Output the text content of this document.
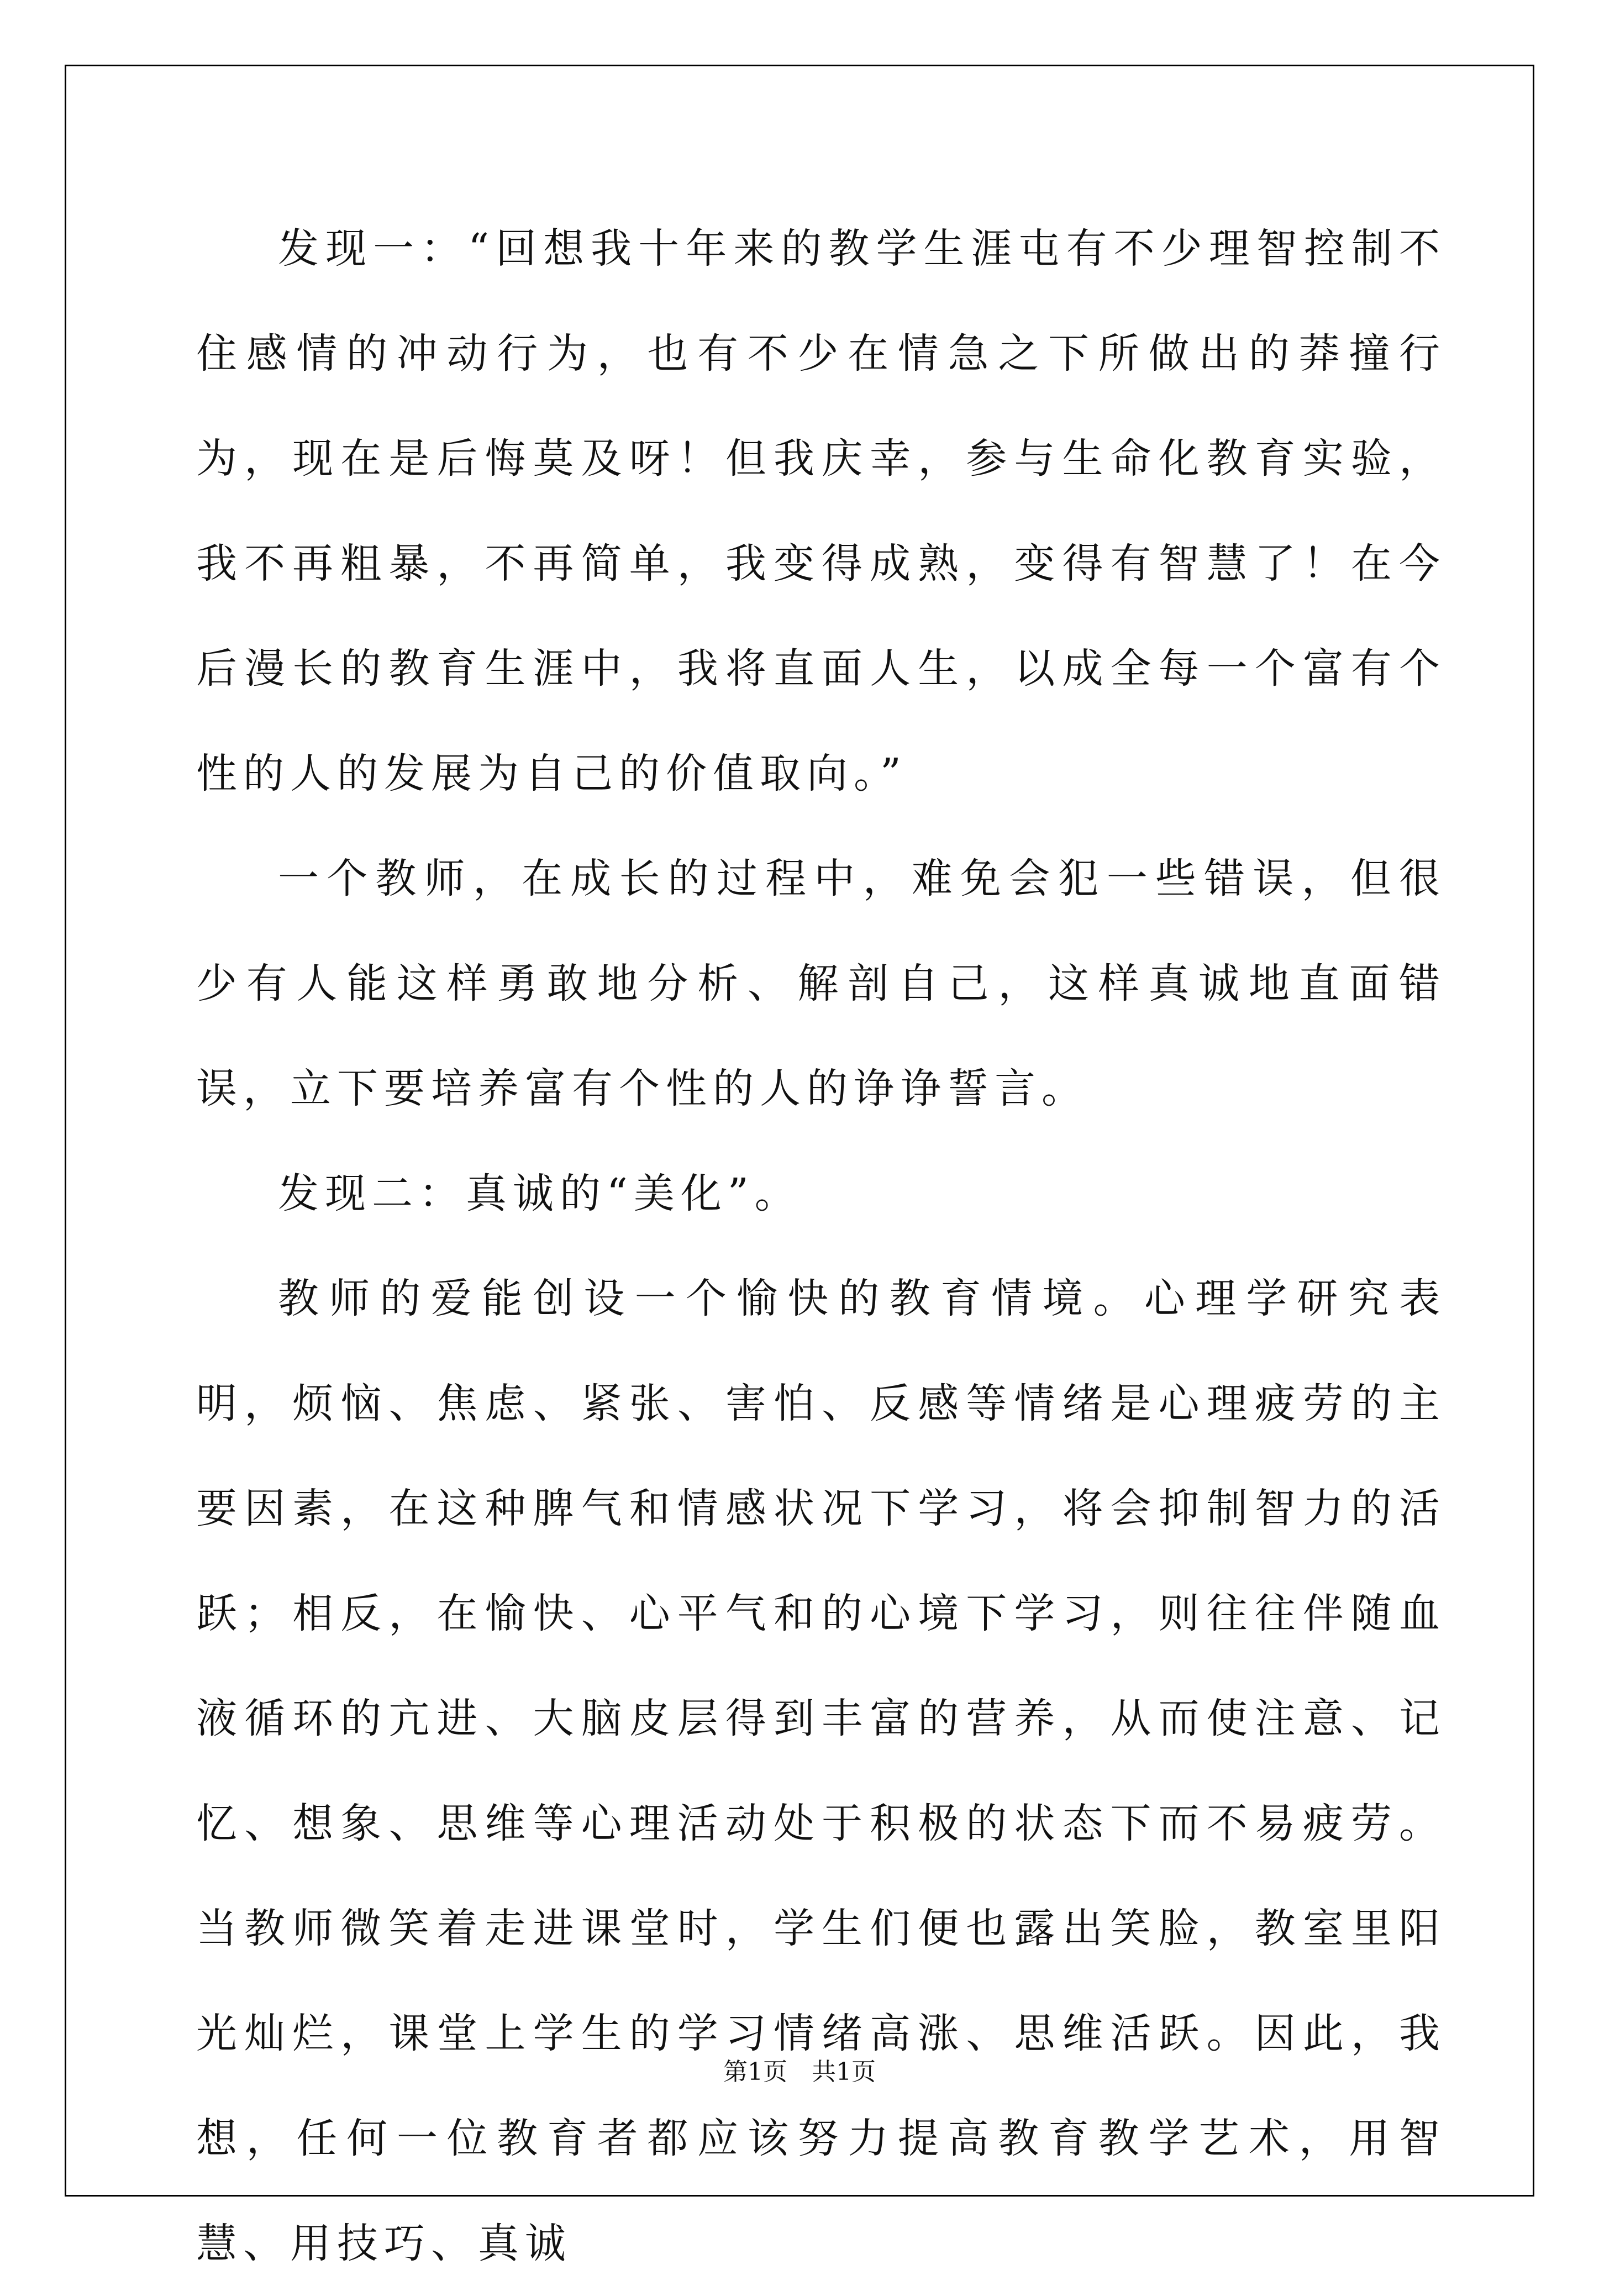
发现一：“回想我十年来的教学生涯屯有不少理智控制不住感情的冲动行为，也有不少在情急之下所做出的莽撞行为，现在是后悔莫及呀！但我庆幸，参与生命化教育实验，我不再粗暴，不再简单，我变得成熟，变得有智慧了！在今后漫长的教育生涯中，我将直面人生，以成全每一个富有个性的人的发展为自己的价值取向。”

一个教师，在成长的过程中，难免会犯一些错误，但很少有人能这样勇敢地分析、解剖自己，这样真诚地直面错误，立下要培养富有个性的人的诤诤誓言。

发现二：真诚的“美化”。

教师的爱能创设一个愉快的教育情境。心理学研究表明，烦恼、焦虑、紧张、害怕、反感等情绪是心理疲劳的主要因素，在这种脾气和情感状况下学习，将会抑制智力的活跃；相反，在愉快、心平气和的心境下学习，则往往伴随血液循环的亢进、大脑皮层得到丰富的营养，从而使注意、记忆、想象、思维等心理活动处于积极的状态下而不易疲劳。当教师微笑着走进课堂时，学生们便也露出笑脸，教室里阳光灿烂，课堂上学生的学习情绪高涨、思维活跃。因此，我想，任何一位教育者都应该努力提高教育教学艺术，用智慧、用技巧、真诚

第1页　共1页
